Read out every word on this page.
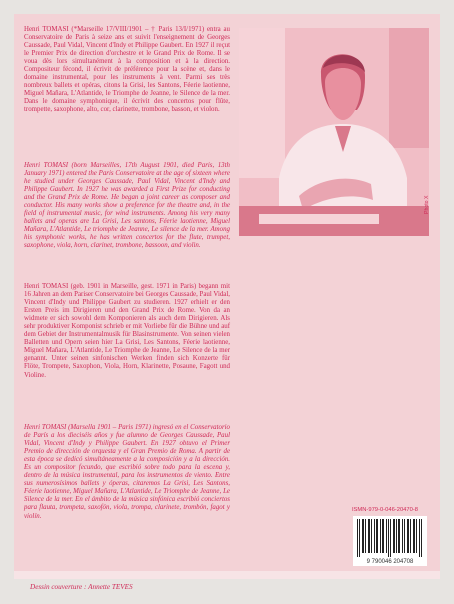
Henri TOMASI (*Marseille 17/VIII/1901 – † Paris 13/I/1971) entra au Conservatoire de Paris à seize ans et suivit l'enseignement de Georges Caussade, Paul Vidal, Vincent d'Indy et Philippe Gaubert. En 1927 il reçut le Premier Prix de direction d'orchestre et le Grand Prix de Rome. Il se voua dès lors simultanément à la composition et à la direction. Compositeur fécond, il écrivit de préférence pour la scène et, dans le domaine instrumental, pour les instruments à vent. Parmi ses très nombreux ballets et opéras, citons la Grisi, les Santons, Féerie laotienne, Miguel Mañara, L'Atlantide, le Triomphe de Jeanne, le Silence de la mer. Dans le domaine symphonique, il écrivit des concertos pour flûte, trompette, saxophone, alto, cor, clarinette, trombone, basson, et violon.

Henri TOMASI (born Marseilles, 17th August 1901, died Paris, 13th January 1971) entered the Paris Conservatoire at the age of sixteen where he studied under Georges Caussade, Paul Vidal, Vincent d'Indy and Philippe Gaubert. In 1927 he was awarded a First Prize for conducting and the Grand Prix de Rome. He began a joint career as composer and conductor. His many works show a preference for the theatre and, in the field of instrumental music, for wind instruments. Among his very many ballets and operas are La Grisi, Les santons, Féerie laotienne, Miguel Mañara, L'Atlantide, Le triomphe de Jeanne, Le silence de la mer. Among his symphonic works, he has written concertos for the flute, trumpet, saxophone, viola, horn, clarinet, trombone, bassoon, and violin.

Henri TOMASI (geb. 1901 in Marseille, gest. 1971 in Paris) begann mit 16 Jahren an dem Pariser Conservatoire bei Georges Caussade, Paul Vidal, Vincent d'Indy und Philippe Gaubert zu studieren. 1927 erhielt er den Ersten Preis im Dirigieren und den Grand Prix de Rome. Von da an widmete er sich sowohl dem Komponieren als auch dem Dirigieren. Als sehr produktiver Komponist schrieb er mit Vorliebe für die Bühne und auf dem Gebiet der Instrumentalmusik für Blasinstrumente. Von seinen vielen Balletten und Opern seien hier La Grisi, Les Santons, Féerie laotienne, Miguel Mañara, L'Atlantide, Le Triomphe de Jeanne, Le Silence de la mer genannt. Unter seinen sinfonischen Werken finden sich Konzerte für Flöte, Trompete, Saxophon, Viola, Horn, Klarinette, Posaune, Fagott und Violine.

Henri TOMASI (Marsella 1901 – Paris 1971) ingresó en el Conservatorio de París a los dieciséis años y fue alumno de Georges Caussade, Paul Vidal, Vincent d'Indy y Philippe Gaubert. En 1927 obtuvo el Primer Premio de dirección de orquesta y el Gran Premio de Roma. A partir de esta época se dedicó simultáneamente a la composición y a la dirección. Es un compositor fecundo, que escribió sobre todo para la escena y, dentro de la música instrumental, para los instrumentos de viento. Entre sus numerosísimos ballets y óperas, citaremos La Grisi, Les Santons, Féerie laotienne, Miguel Mañara, L'Atlantide, Le Triomphe de Jeanne, Le Silence de la mer. En el ámbito de la música sinfónica escribió conciertos para flauta, trompeta, saxofón, viola, trompa, clarinete, trombón, fagot y violín.

Photo X
ISMN-979-0-046-20470-8
9 790046 204708
Dessin couverture : Annette TEVES
